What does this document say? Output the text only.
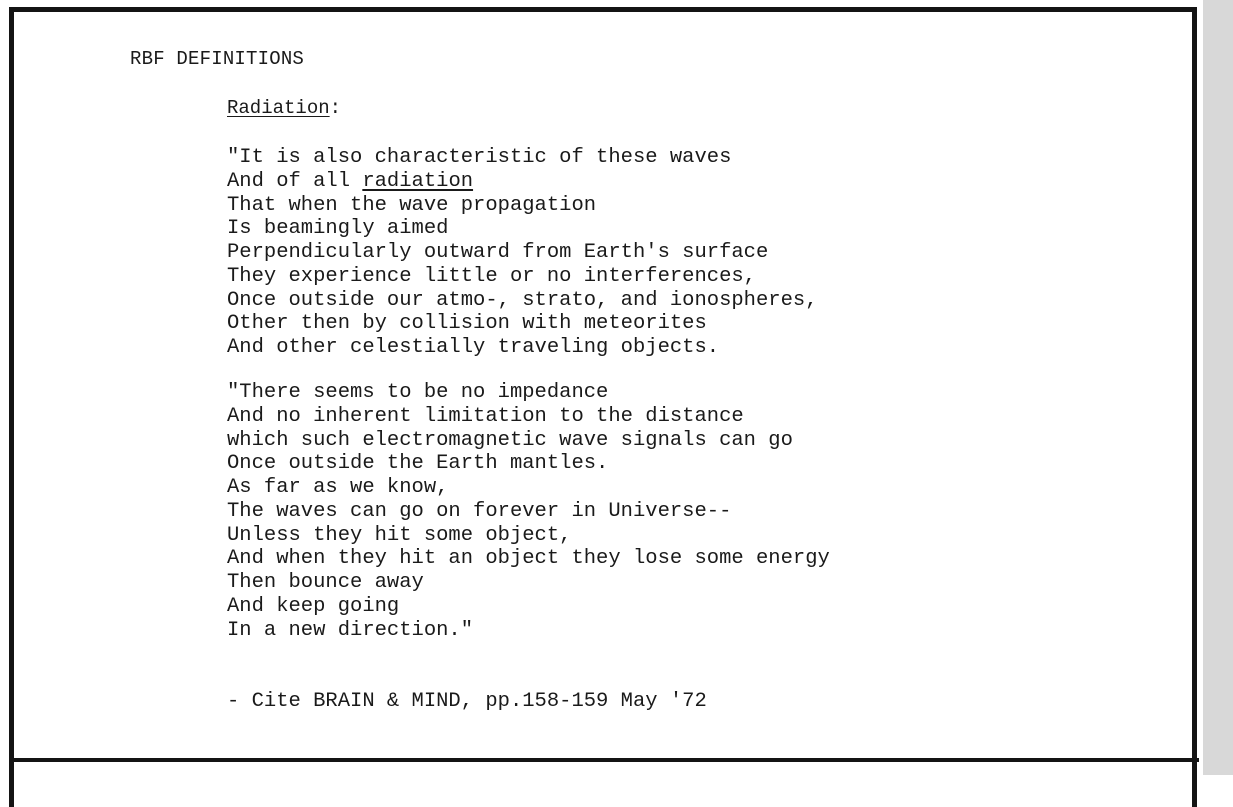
RBF DEFINITIONS

Radiation:

"It is also characteristic of these waves
And of all radiation
That when the wave propagation
Is beamingly aimed
Perpendicularly outward from Earth's surface
They experience little or no interferences,
Once outside our atmo-, strato, and ionospheres,
Other then by collision with meteorites
And other celestially traveling objects.

"There seems to be no impedance
And no inherent limitation to the distance
which such electromagnetic wave signals can go
Once outside the Earth mantles.
As far as we know,
The waves can go on forever in Universe--
Unless they hit some object,
And when they hit an object they lose some energy
Then bounce away
And keep going
In a new direction."

- Cite BRAIN & MIND, pp.158-159 May '72
